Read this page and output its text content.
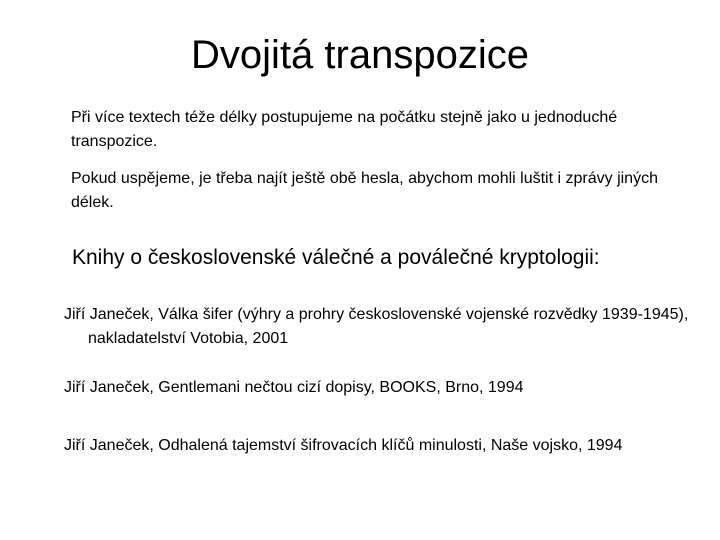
Dvojitá transpozice
Při více textech téže délky postupujeme na počátku stejně jako u jednoduché transpozice.
Pokud uspějeme, je třeba najít ještě obě hesla, abychom mohli luštit i zprávy jiných délek.
Knihy o československé válečné a poválečné kryptologii:
Jiří Janeček, Válka šifer (výhry a prohry československé vojenské rozvědky 1939-1945), nakladatelství Votobia, 2001
Jiří Janeček, Gentlemani nečtou cizí dopisy, BOOKS, Brno, 1994
Jiří Janeček, Odhalená tajemství šifrovacích klíčů minulosti, Naše vojsko, 1994
